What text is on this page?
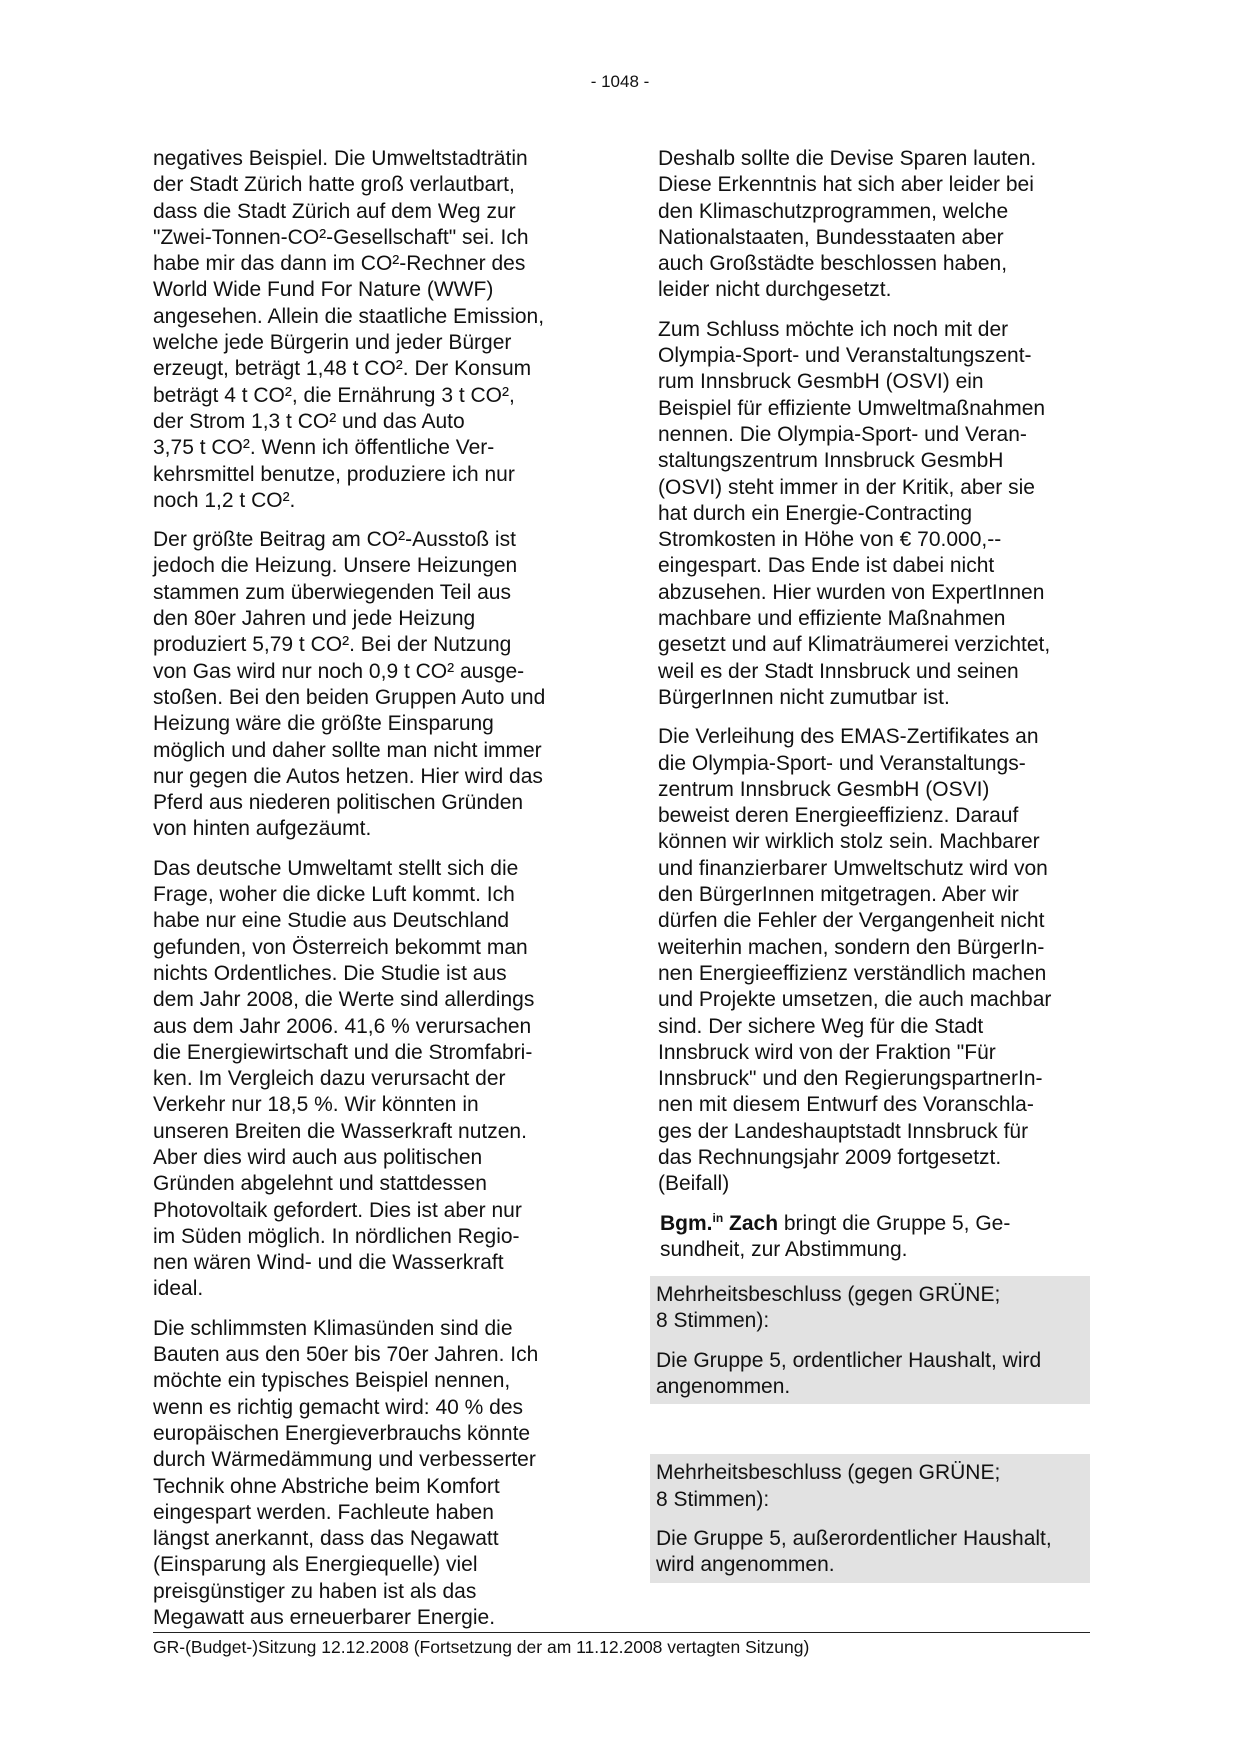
- 1048 -

negatives Beispiel. Die Umweltstadträtin
der Stadt Zürich hatte groß verlautbart,
dass die Stadt Zürich auf dem Weg zur
"Zwei-Tonnen-CO²-Gesellschaft" sei. Ich
habe mir das dann im CO²-Rechner des
World Wide Fund For Nature (WWF)
angesehen. Allein die staatliche Emission,
welche jede Bürgerin und jeder Bürger
erzeugt, beträgt 1,48 t CO². Der Konsum
beträgt 4 t CO², die Ernährung 3 t CO²,
der Strom 1,3 t CO² und das Auto
3,75 t CO². Wenn ich öffentliche Ver-
kehrsmittel benutze, produziere ich nur
noch 1,2 t CO².

Der größte Beitrag am CO²-Ausstoß ist
jedoch die Heizung. Unsere Heizungen
stammen zum überwiegenden Teil aus
den 80er Jahren und jede Heizung
produziert 5,79 t CO². Bei der Nutzung
von Gas wird nur noch 0,9 t CO² ausge-
stoßen. Bei den beiden Gruppen Auto und
Heizung wäre die größte Einsparung
möglich und daher sollte man nicht immer
nur gegen die Autos hetzen. Hier wird das
Pferd aus niederen politischen Gründen
von hinten aufgezäumt.

Das deutsche Umweltamt stellt sich die
Frage, woher die dicke Luft kommt. Ich
habe nur eine Studie aus Deutschland
gefunden, von Österreich bekommt man
nichts Ordentliches. Die Studie ist aus
dem Jahr 2008, die Werte sind allerdings
aus dem Jahr 2006. 41,6 % verursachen
die Energiewirtschaft und die Stromfabri-
ken. Im Vergleich dazu verursacht der
Verkehr nur 18,5 %. Wir könnten in
unseren Breiten die Wasserkraft nutzen.
Aber dies wird auch aus politischen
Gründen abgelehnt und stattdessen
Photovoltaik gefordert. Dies ist aber nur
im Süden möglich. In nördlichen Regio-
nen wären Wind- und die Wasserkraft
ideal.

Die schlimmsten Klimasünden sind die
Bauten aus den 50er bis 70er Jahren. Ich
möchte ein typisches Beispiel nennen,
wenn es richtig gemacht wird: 40 % des
europäischen Energieverbrauchs könnte
durch Wärmedämmung und verbesserter
Technik ohne Abstriche beim Komfort
eingespart werden. Fachleute haben
längst anerkannt, dass das Negawatt
(Einsparung als Energiequelle) viel
preisgünstiger zu haben ist als das
Megawatt aus erneuerbarer Energie.

Deshalb sollte die Devise Sparen lauten.
Diese Erkenntnis hat sich aber leider bei
den Klimaschutzprogrammen, welche
Nationalstaaten, Bundesstaaten aber
auch Großstädte beschlossen haben,
leider nicht durchgesetzt.

Zum Schluss möchte ich noch mit der
Olympia-Sport- und Veranstaltungszent-
rum Innsbruck GesmbH (OSVI) ein
Beispiel für effiziente Umweltmaßnahmen
nennen. Die Olympia-Sport- und Veran-
staltungszentrum Innsbruck GesmbH
(OSVI) steht immer in der Kritik, aber sie
hat durch ein Energie-Contracting
Stromkosten in Höhe von € 70.000,--
eingespart. Das Ende ist dabei nicht
abzusehen. Hier wurden von ExpertInnen
machbare und effiziente Maßnahmen
gesetzt und auf Klimaträumerei verzichtet,
weil es der Stadt Innsbruck und seinen
BürgerInnen nicht zumutbar ist.

Die Verleihung des EMAS-Zertifikates an
die Olympia-Sport- und Veranstaltungs-
zentrum Innsbruck GesmbH (OSVI)
beweist deren Energieeffizienz. Darauf
können wir wirklich stolz sein. Machbarer
und finanzierbarer Umweltschutz wird von
den BürgerInnen mitgetragen. Aber wir
dürfen die Fehler der Vergangenheit nicht
weiterhin machen, sondern den BürgerIn-
nen Energieeffizienz verständlich machen
und Projekte umsetzen, die auch machbar
sind. Der sichere Weg für die Stadt
Innsbruck wird von der Fraktion "Für
Innsbruck" und den RegierungspartnerIn-
nen mit diesem Entwurf des Voranschla-
ges der Landeshauptstadt Innsbruck für
das Rechnungsjahr 2009 fortgesetzt.
(Beifall)

Bgm.$^{in}$ Zach bringt die Gruppe 5, Ge-
sundheit, zur Abstimmung.

Mehrheitsbeschluss (gegen GRÜNE;
8 Stimmen):

Die Gruppe 5, ordentlicher Haushalt, wird
angenommen.

Mehrheitsbeschluss (gegen GRÜNE;
8 Stimmen):

Die Gruppe 5, außerordentlicher Haushalt,
wird angenommen.

GR-(Budget-)Sitzung 12.12.2008 (Fortsetzung der am 11.12.2008 vertagten Sitzung)
